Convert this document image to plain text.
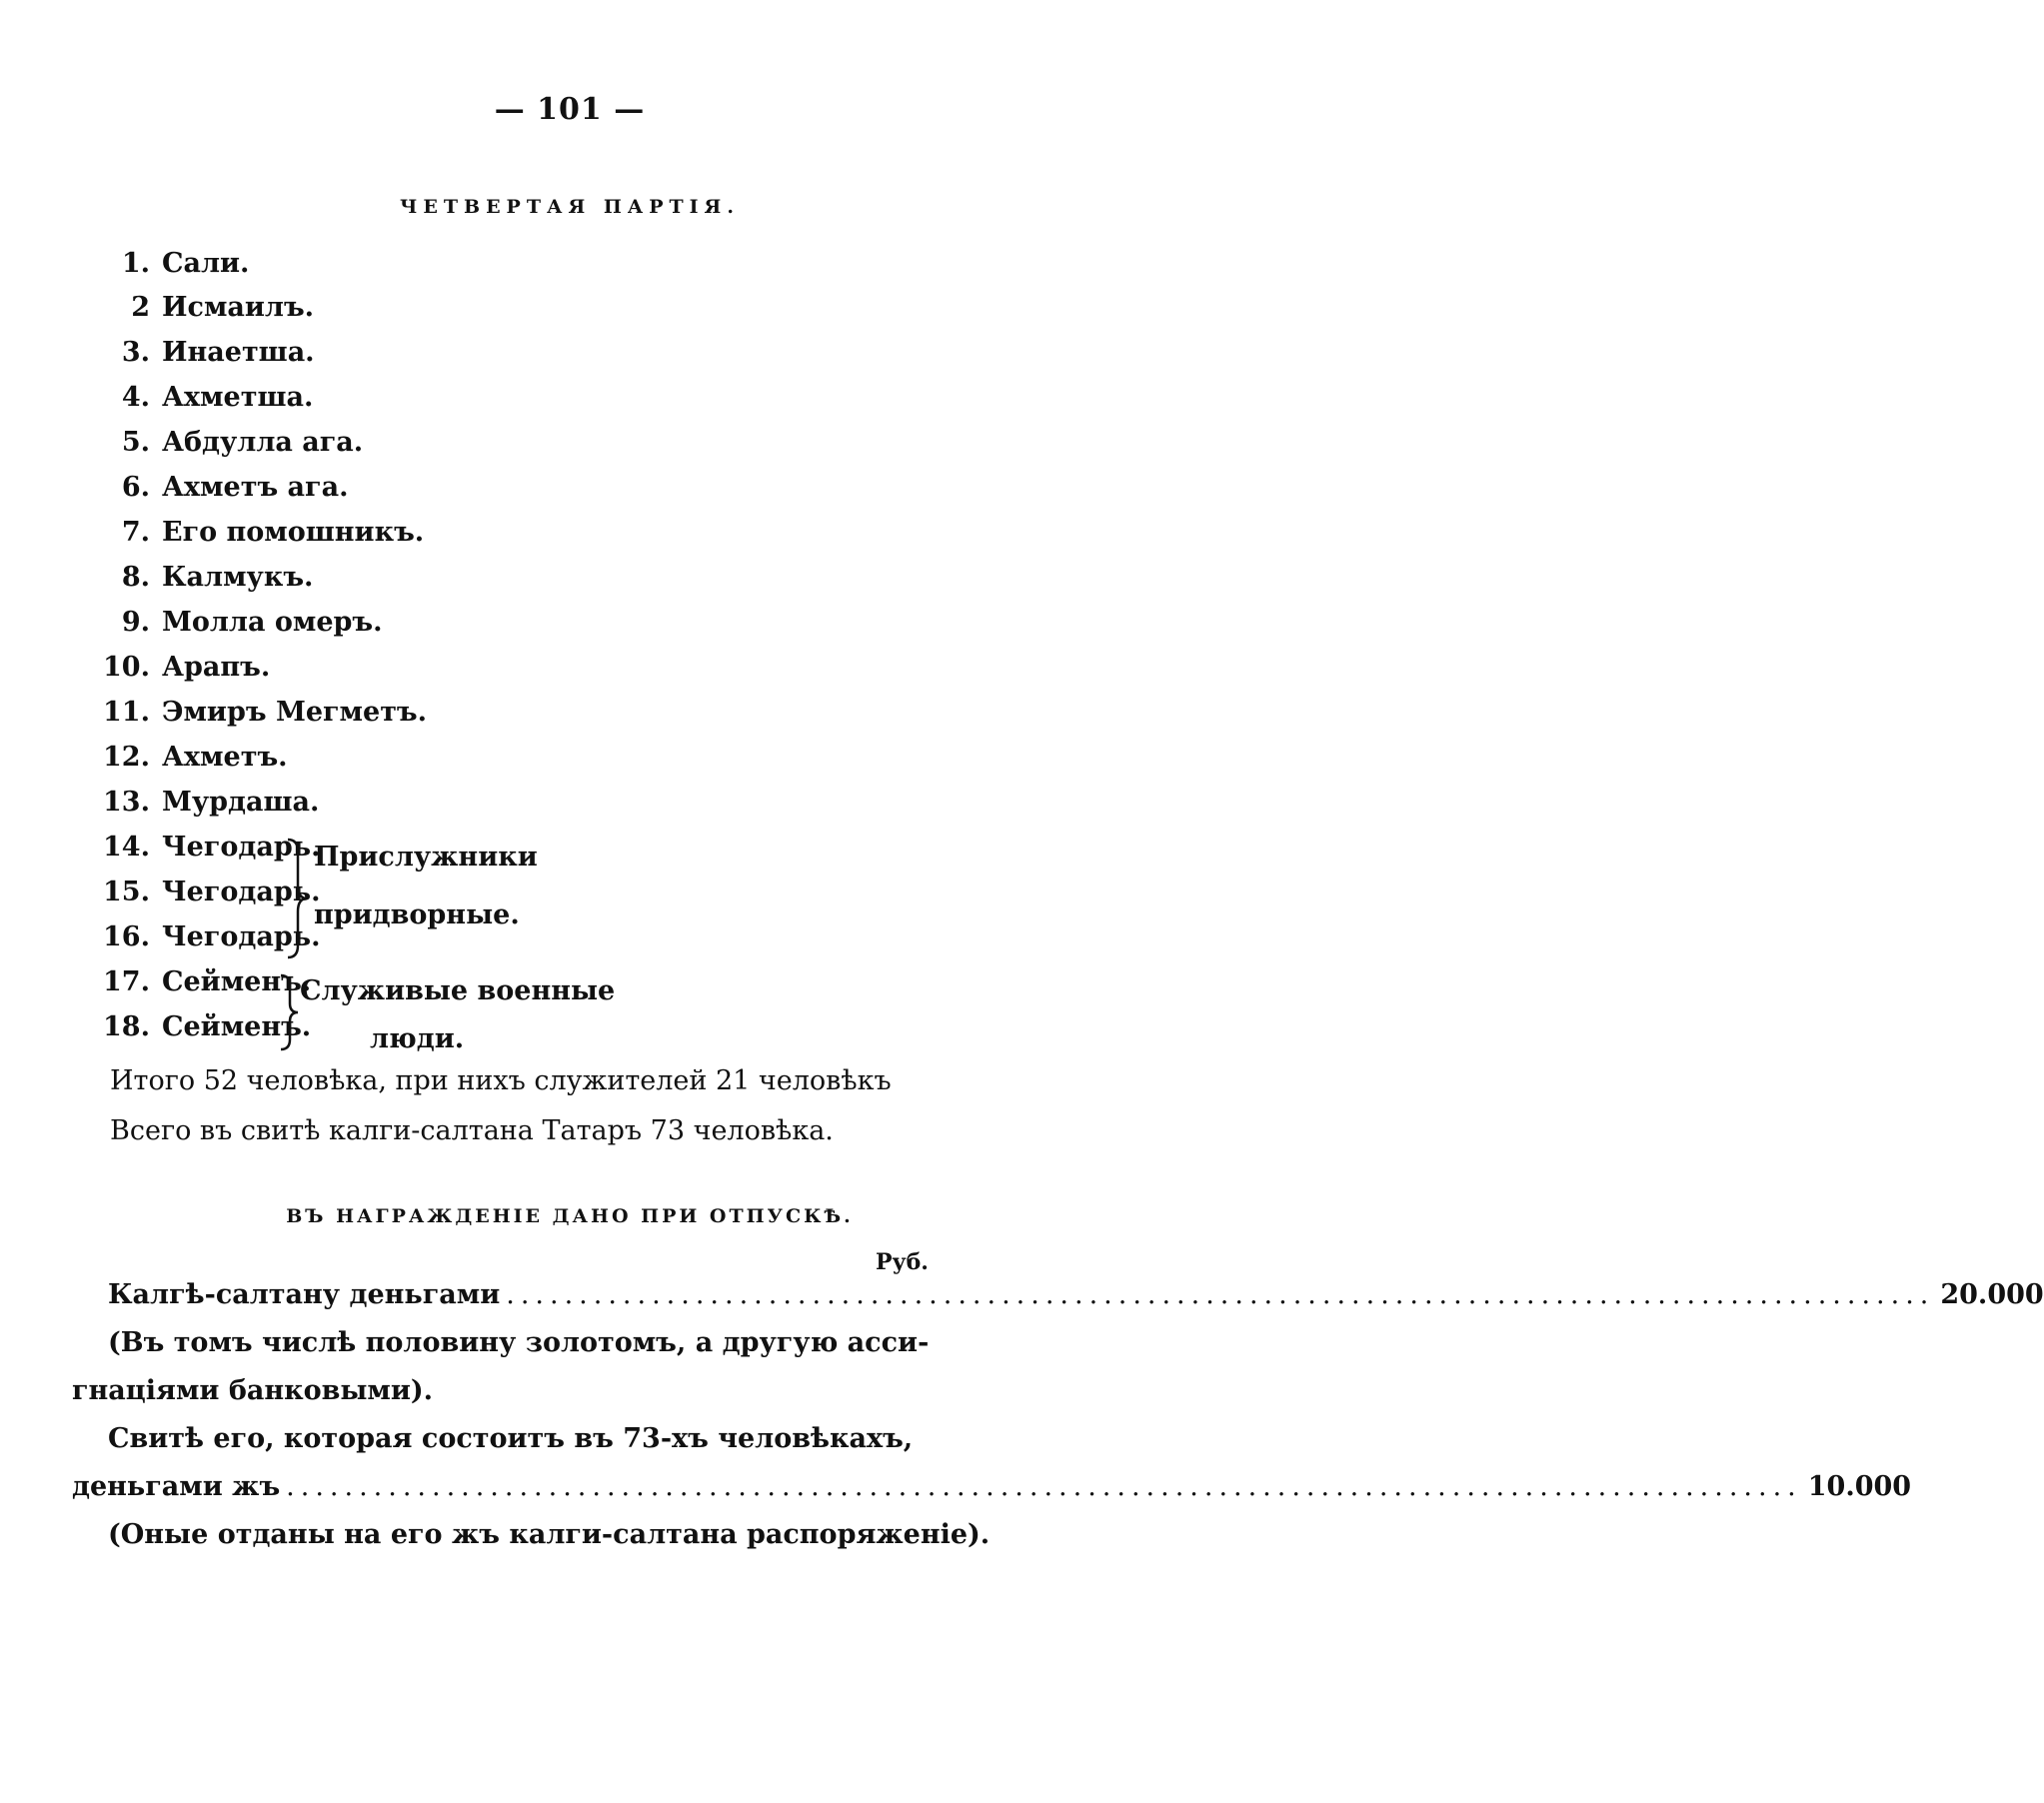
— 101 —
ЧЕТВЕРТАЯ ПАРТІЯ.
1. Сали.
2 Исмаилъ.
3. Инаетша.
4. Ахметша.
5. Абдулла ага.
6. Ахметъ ага.
7. Его помошникъ.
8. Калмукъ.
9. Молла омеръ.
10. Арапъ.
11. Эмиръ Мегметъ.
12. Ахметъ.
13. Мурдаша.
14. Чегодарь.
15. Чегодарь.
16. Чегодарь.
17. Сейменъ.
18. Сейменъ.
Прислужники
придворные.
Служивые военные
люди.
Итого 52 человѣка, при нихъ служителей 21 человѣкъ
Всего въ свитѣ калги-салтана Татаръ 73 человѣка.
ВЪ НАГРАЖДЕНІЕ ДАНО ПРИ ОТПУСКѢ.
Руб.
Калгѣ-салтану деньгами .................................................................................................. 20.000
(Въ томъ числѣ половину золотомъ, а другую асси-
гнаціями банковыми).
Свитѣ его, которая состоитъ въ 73-хъ человѣкахъ,
деньгами жъ ........................................................................................................ 10.000
(Оные отданы на его жъ калги-салтана распоряженіе).
